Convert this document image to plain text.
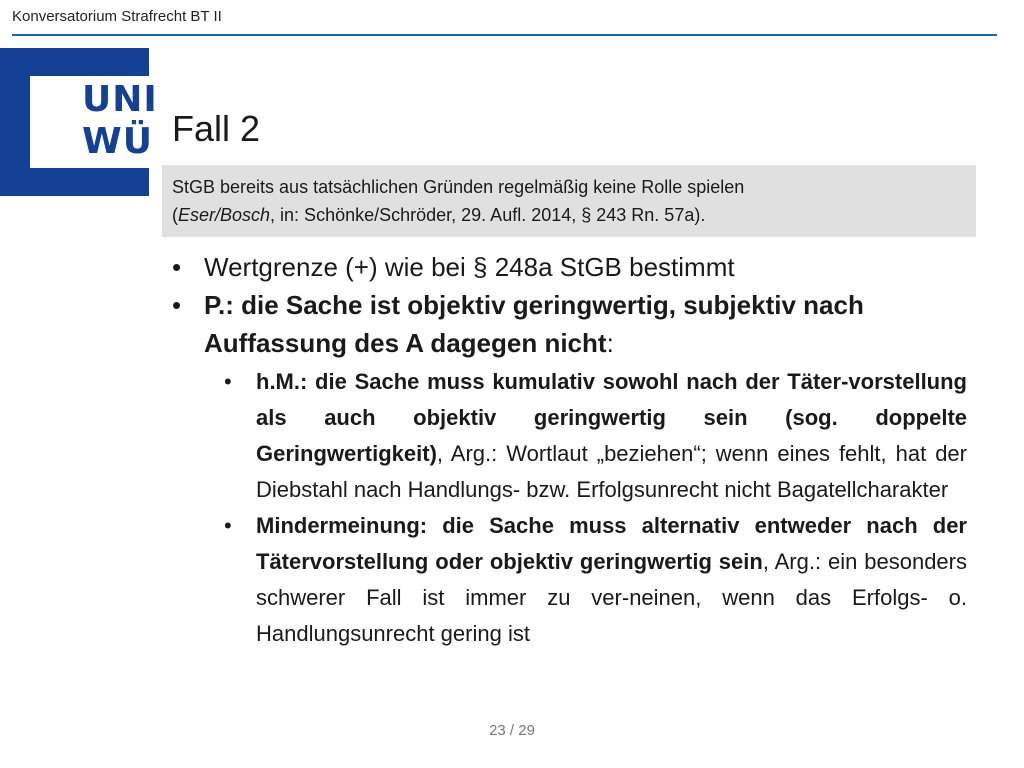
Konversatorium Strafrecht BT II
UNI
WÜ Fall 2
StGB bereits aus tatsächlichen Gründen regelmäßig keine Rolle spielen
(Eser/Bosch, in: Schönke/Schröder, 29. Aufl. 2014, § 243 Rn. 57a).
• Wertgrenze (+) wie bei § 248a StGB bestimmt
• P.: die Sache ist objektiv geringwertig, subjektiv nach Auffassung des A dagegen nicht:
• h.M.: die Sache muss kumulativ sowohl nach der Täter-vorstellung als auch objektiv geringwertig sein (sog. doppelte Geringwertigkeit), Arg.: Wortlaut „beziehen“; wenn eines fehlt, hat der Diebstahl nach Handlungs- bzw. Erfolgsunrecht nicht Bagatellcharakter
• Mindermeinung: die Sache muss alternativ entweder nach der Tätervorstellung oder objektiv geringwertig sein, Arg.: ein besonders schwerer Fall ist immer zu ver-neinen, wenn das Erfolgs- o. Handlungsunrecht gering ist
23 / 29
